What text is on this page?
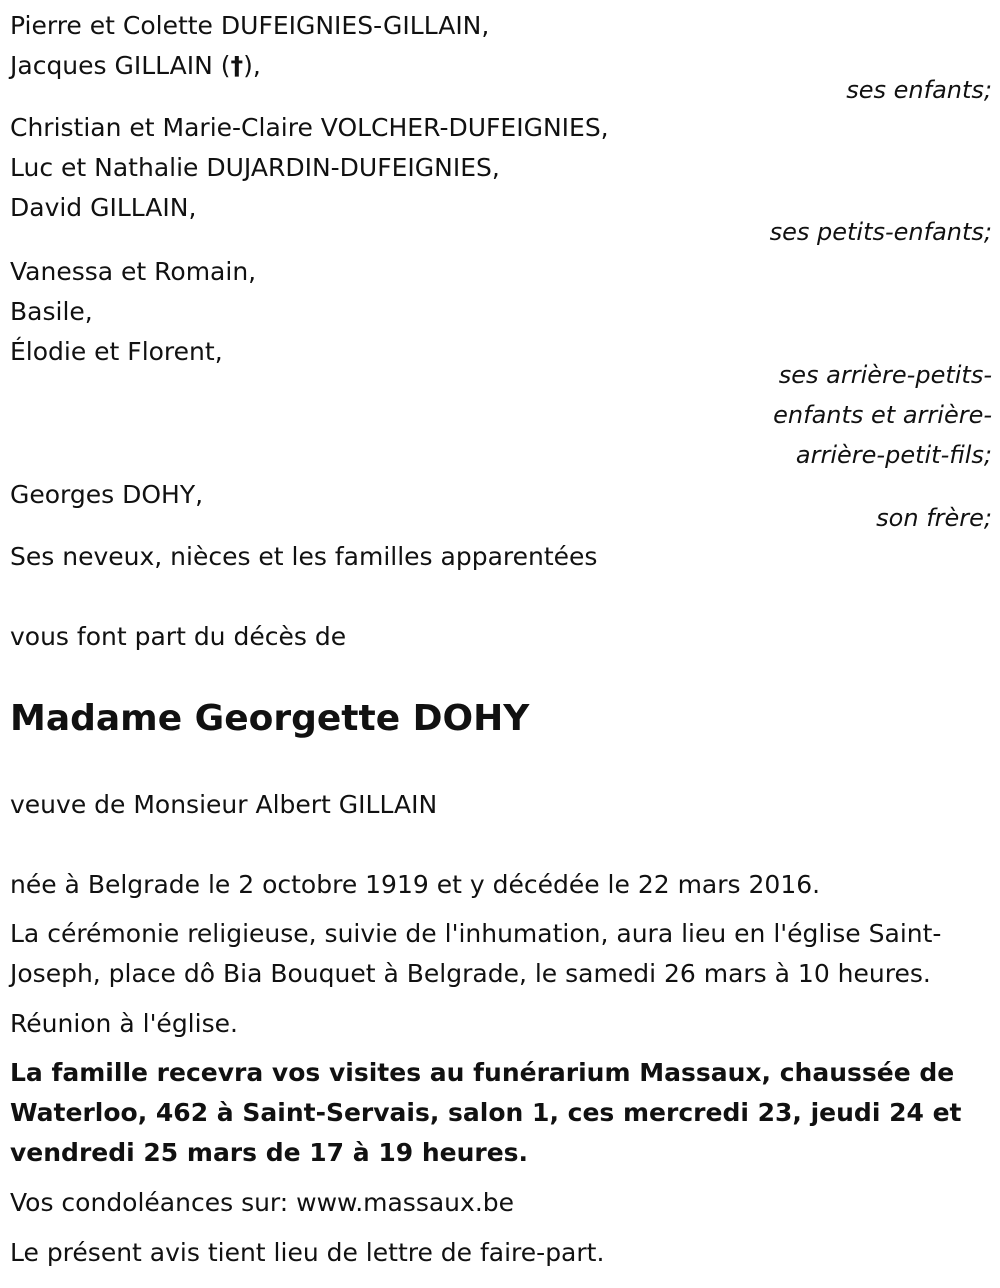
Pierre et Colette DUFEIGNIES-GILLAIN,
Jacques GILLAIN (†),
ses enfants;
Christian et Marie-Claire VOLCHER-DUFEIGNIES,
Luc et Nathalie DUJARDIN-DUFEIGNIES,
David GILLAIN,
ses petits-enfants;
Vanessa et Romain,
Basile,
Élodie et Florent,
ses arrière-petits-
enfants et arrière-
arrière-petit-fils;
Georges DOHY,
son frère;
Ses neveux, nièces et les familles apparentées
vous font part du décès de
Madame Georgette DOHY
veuve de Monsieur Albert GILLAIN
née à Belgrade le 2 octobre 1919 et y décédée le 22 mars 2016.
La cérémonie religieuse, suivie de l'inhumation, aura lieu en l'église Saint-Joseph, place dô Bia Bouquet à Belgrade, le samedi 26 mars à 10 heures.
Réunion à l'église.
La famille recevra vos visites au funérarium Massaux, chaussée de Waterloo, 462 à Saint-Servais, salon 1, ces mercredi 23, jeudi 24 et vendredi 25 mars de 17 à 19 heures.
Vos condoléances sur: www.massaux.be
Le présent avis tient lieu de lettre de faire-part.
